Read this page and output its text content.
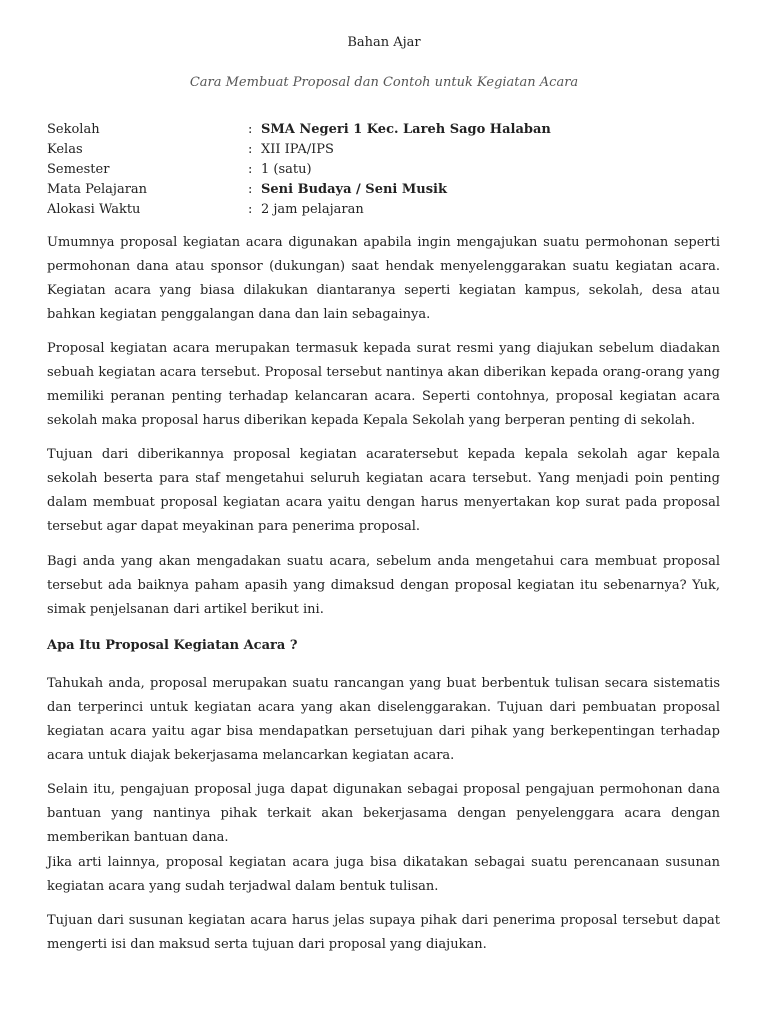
Bahan Ajar
Cara Membuat Proposal dan Contoh untuk Kegiatan Acara
Sekolah	: SMA Negeri 1 Kec. Lareh Sago Halaban
Kelas	: XII IPA/IPS
Semester	: 1 (satu)
Mata Pelajaran	: Seni Budaya / Seni Musik
Alokasi Waktu	: 2 jam pelajaran

Umumnya proposal kegiatan acara digunakan apabila ingin mengajukan suatu permohonan seperti permohonan dana atau sponsor (dukungan) saat hendak menyelenggarakan suatu kegiatan acara. Kegiatan acara yang biasa dilakukan diantaranya seperti kegiatan kampus, sekolah, desa atau bahkan kegiatan penggalangan dana dan lain sebagainya.

Proposal kegiatan acara merupakan termasuk kepada surat resmi yang diajukan sebelum diadakan sebuah kegiatan acara tersebut. Proposal tersebut nantinya akan diberikan kepada orang-orang yang memiliki peranan penting terhadap kelancaran acara. Seperti contohnya, proposal kegiatan acara sekolah maka proposal harus diberikan kepada Kepala Sekolah yang berperan penting di sekolah.

Tujuan dari diberikannya proposal kegiatan acaratersebut kepada kepala sekolah agar kepala sekolah beserta para staf mengetahui seluruh kegiatan acara tersebut. Yang menjadi poin penting dalam membuat proposal kegiatan acara yaitu dengan harus menyertakan kop surat pada proposal tersebut agar dapat meyakinan para penerima proposal.

Bagi anda yang akan mengadakan suatu acara, sebelum anda mengetahui cara membuat proposal tersebut ada baiknya paham apasih yang dimaksud dengan proposal kegiatan itu sebenarnya? Yuk, simak penjelsanan dari artikel berikut ini.

Apa Itu Proposal Kegiatan Acara ?

Tahukah anda, proposal merupakan suatu rancangan yang buat berbentuk tulisan secara sistematis dan terperinci untuk kegiatan acara yang akan diselenggarakan. Tujuan dari pembuatan proposal kegiatan acara yaitu agar bisa mendapatkan persetujuan dari pihak yang berkepentingan terhadap acara untuk diajak bekerjasama melancarkan kegiatan acara.

Selain itu, pengajuan proposal juga dapat digunakan sebagai proposal pengajuan permohonan dana bantuan yang nantinya pihak terkait akan bekerjasama dengan penyelenggara acara dengan memberikan bantuan dana.

Jika arti lainnya, proposal kegiatan acara juga bisa dikatakan sebagai suatu perencanaan susunan kegiatan acara yang sudah terjadwal dalam bentuk tulisan.

Tujuan dari susunan kegiatan acara harus jelas supaya pihak dari penerima proposal tersebut dapat mengerti isi dan maksud serta tujuan dari proposal yang diajukan.
